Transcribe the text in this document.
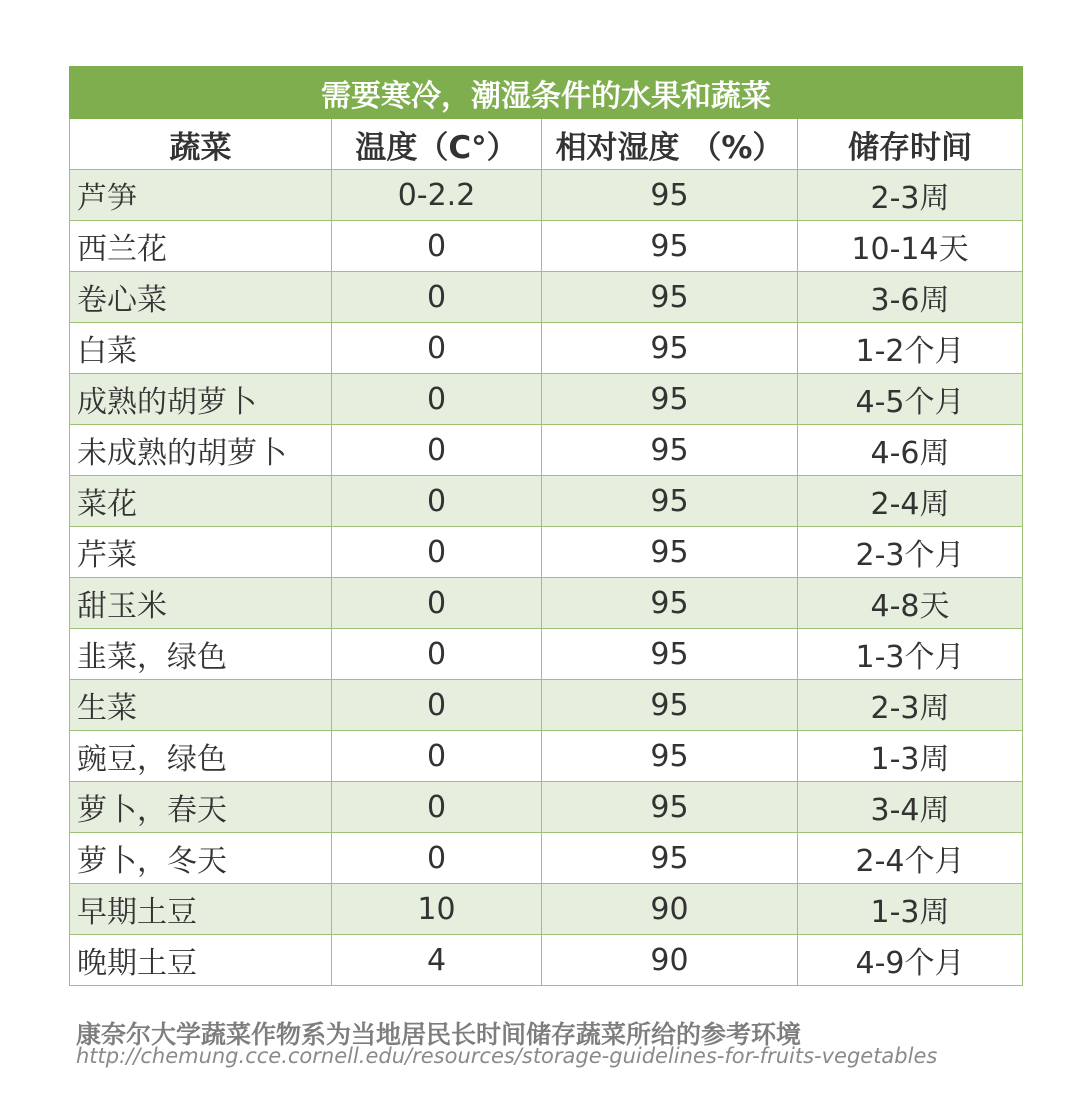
需要寒冷，潮湿条件的水果和蔬菜			
蔬菜	温度（C°）	相对湿度 （%）	储存时间
芦笋	0-2.2	95	2-3周
西兰花	0	95	10-14天
卷心菜	0	95	3-6周
白菜	0	95	1-2个月
成熟的胡萝卜	0	95	4-5个月
未成熟的胡萝卜	0	95	4-6周
菜花	0	95	2-4周
芹菜	0	95	2-3个月
甜玉米	0	95	4-8天
韭菜，绿色	0	95	1-3个月
生菜	0	95	2-3周
豌豆，绿色	0	95	1-3周
萝卜，春天	0	95	3-4周
萝卜，冬天	0	95	2-4个月
早期土豆	10	90	1-3周
晚期土豆	4	90	4-9个月
康奈尔大学蔬菜作物系为当地居民长时间储存蔬菜所给的参考环境
http://chemung.cce.cornell.edu/resources/storage-guidelines-for-fruits-vegetables
